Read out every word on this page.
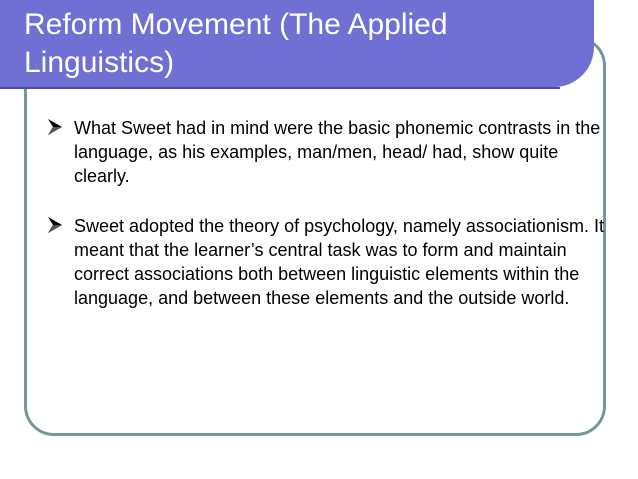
Reform Movement (The Applied Linguistics)
What Sweet had in mind were the basic phonemic contrasts in the language, as his examples, man/men, head/ had, show quite clearly.
Sweet adopted the theory of psychology, namely associationism. It meant that the learner’s central task was to form and maintain correct associations both between linguistic elements within the language, and between these elements and the outside world.
